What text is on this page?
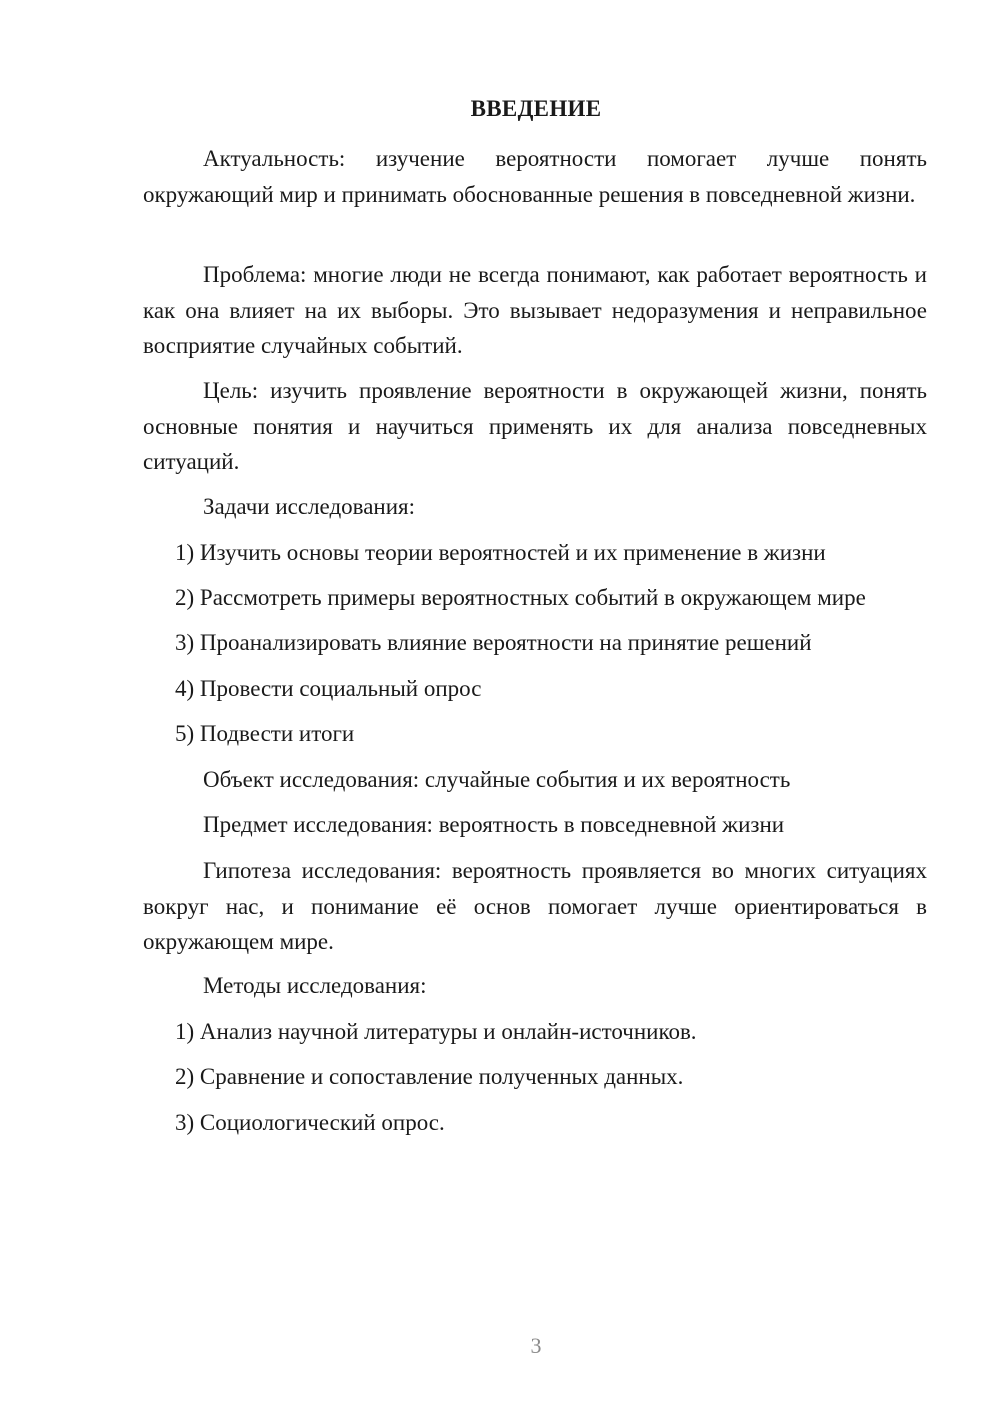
ВВЕДЕНИЕ
Актуальность: изучение вероятности помогает лучше понять окружающий мир и принимать обоснованные решения в повседневной жизни.
Проблема: многие люди не всегда понимают, как работает вероятность и как она влияет на их выборы. Это вызывает недоразумения и неправильное восприятие случайных событий.
Цель: изучить проявление вероятности в окружающей жизни, понять основные понятия и научиться применять их для анализа повседневных ситуаций.
Задачи исследования:
1) Изучить основы теории вероятностей и их применение в жизни
2) Рассмотреть примеры вероятностных событий в окружающем мире
3) Проанализировать влияние вероятности на принятие решений
4) Провести социальный опрос
5) Подвести итоги
Объект исследования: случайные события и их вероятность
Предмет исследования: вероятность в повседневной жизни
Гипотеза исследования: вероятность проявляется во многих ситуациях вокруг нас, и понимание её основ помогает лучше ориентироваться в окружающем мире.
Методы исследования:
1) Анализ научной литературы и онлайн-источников.
2) Сравнение и сопоставление полученных данных.
3) Социологический опрос.
3
